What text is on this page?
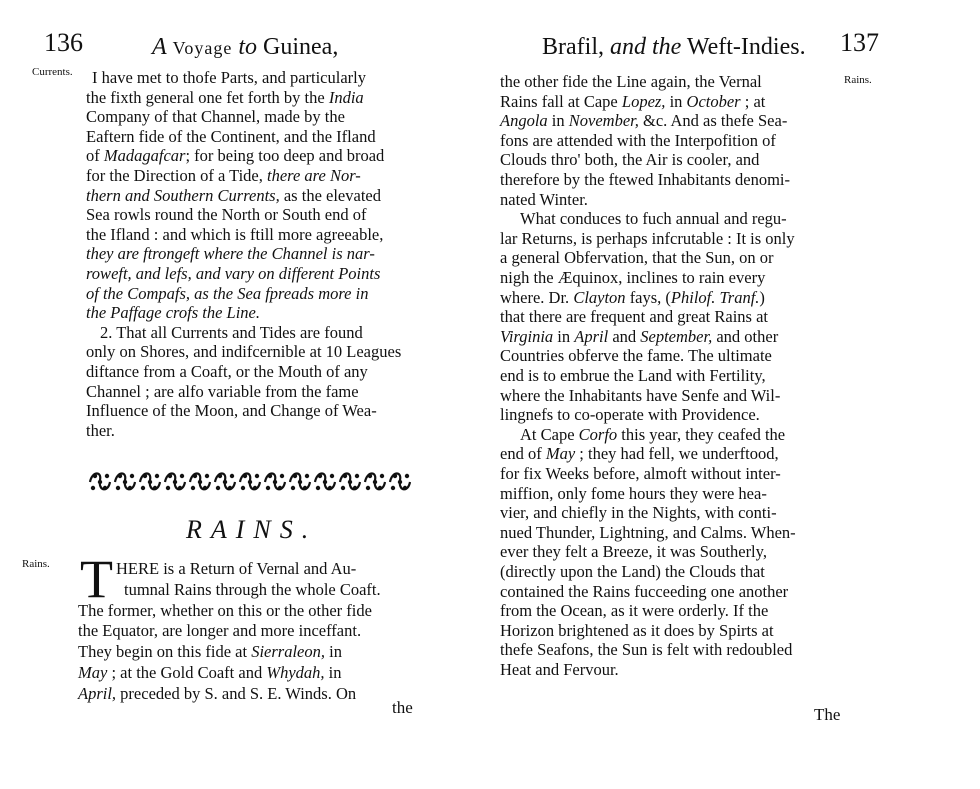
136	A Voyage to Guinea,
Currents. I have met to thofe Parts, and particularly
the fixth general one fet forth by the India
Company of that Channel, made by the
Eaftern fide of the Continent, and the Ifland
of Madagafcar; for being too deep and broad
for the Direction of a Tide, there are Nor-
thern and Southern Currents, as the elevated
Sea rowls round the North or South end of
the Ifland : and which is ftill more agreeable,
they are ftrongeft where the Channel is nar-
roweft, and lefs, and vary on different Points
of the Compafs, as the Sea fpreads more in
the Paffage crofs the Line.
2. That all Currents and Tides are found
only on Shores, and indifcernible at 10 Leagues
diftance from a Coaft, or the Mouth of any
Channel ; are alfo variable from the fame
Influence of the Moon, and Change of Wea-
ther.
RAINS.
Rains. T HERE is a Return of Vernal and Au-
tumnal Rains through the whole Coaft.
The former, whether on this or the other fide
the Equator, are longer and more inceffant.
They begin on this fide at Sierraleon, in
May ; at the Gold Coaft and Whydah, in
April, preceded by S. and S. E. Winds. On
the
Brafil, and the Weft-Indies. 137
Rains.
the other fide the Line again, the Vernal
Rains fall at Cape Lopez, in October ; at
Angola in November, &c. And as thefe Sea-
fons are attended with the Interpofition of
Clouds thro' both, the Air is cooler, and
therefore by the ftewed Inhabitants denomi-
nated Winter.
What conduces to fuch annual and regu-
lar Returns, is perhaps infcrutable : It is only
a general Obfervation, that the Sun, on or
nigh the Æquinox, inclines to rain every
where. Dr. Clayton fays, (Philof. Tranf.)
that there are frequent and great Rains at
Virginia in April and September, and other
Countries obferve the fame. The ultimate
end is to embrue the Land with Fertility,
where the Inhabitants have Senfe and Wil-
lingnefs to co-operate with Providence.
At Cape Corfo this year, they ceafed the
end of May ; they had fell, we underftood,
for fix Weeks before, almoft without inter-
miffion, only fome hours they were hea-
vier, and chiefly in the Nights, with conti-
nued Thunder, Lightning, and Calms. When-
ever they felt a Breeze, it was Southerly,
(directly upon the Land) the Clouds that
contained the Rains fucceeding one another
from the Ocean, as it were orderly. If the
Horizon brightened as it does by Spirts at
thefe Seafons, the Sun is felt with redoubled
Heat and Fervour.
The
